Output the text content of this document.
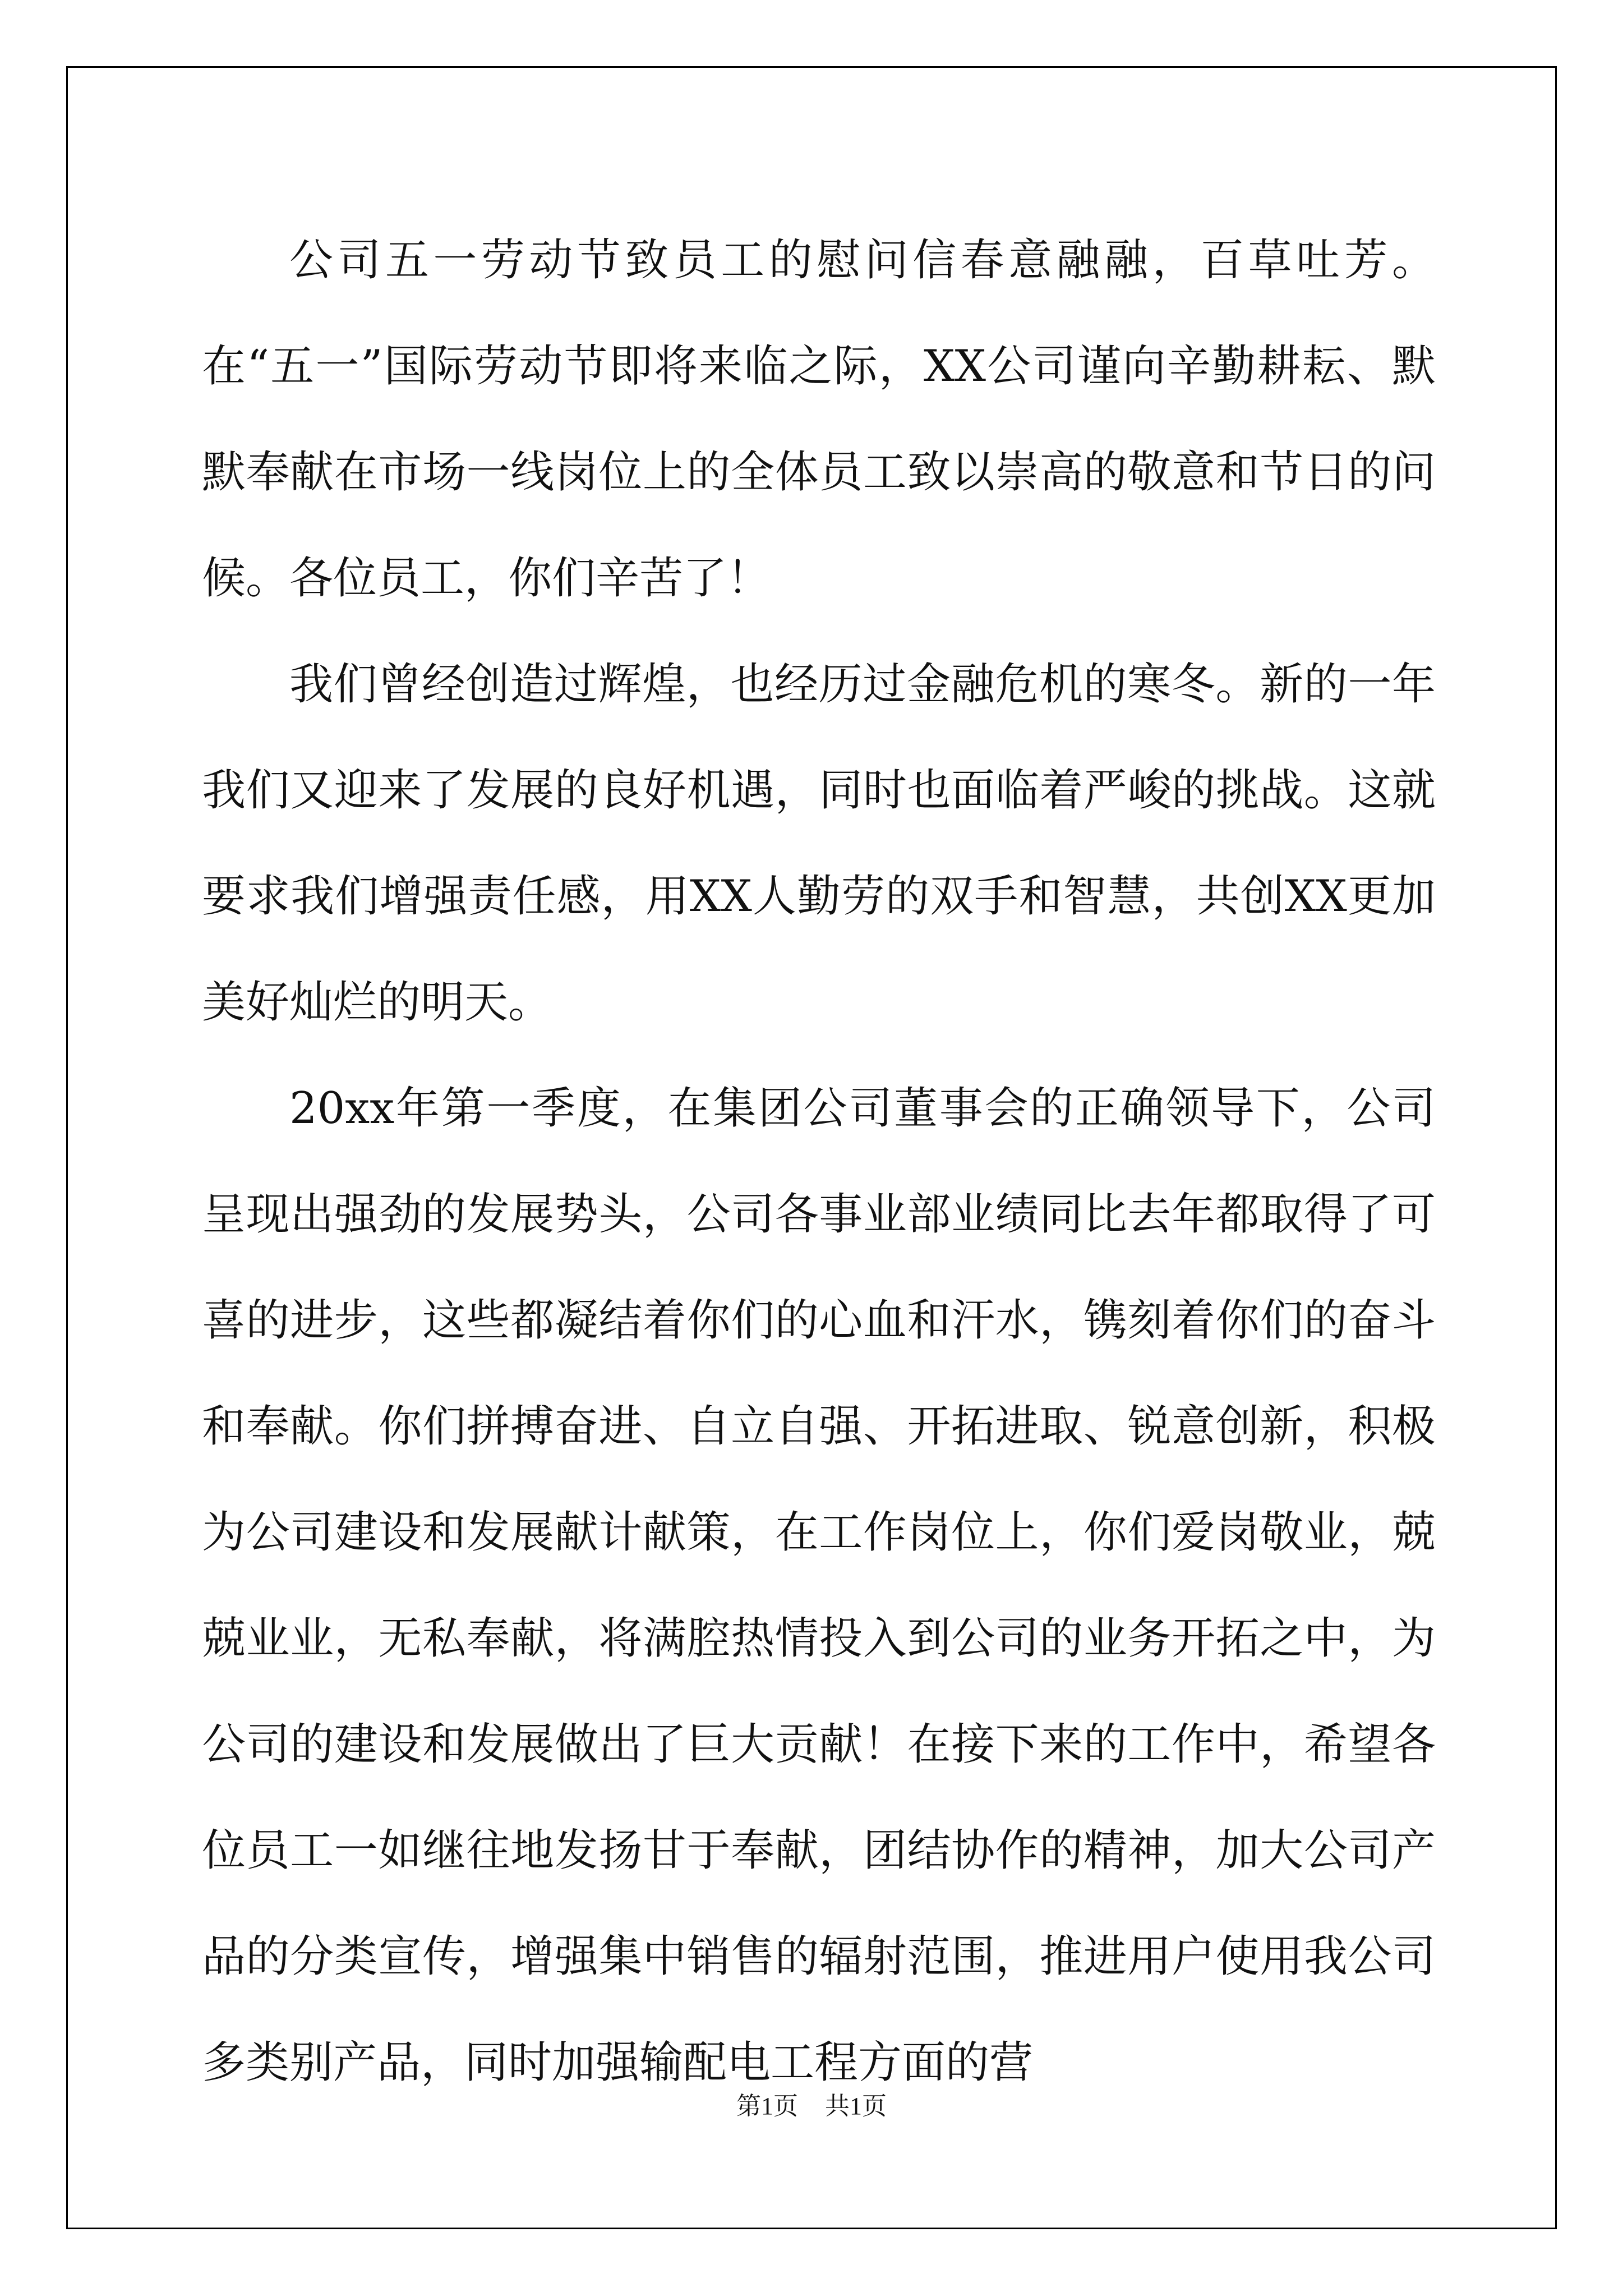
公司五一劳动节致员工的慰问信春意融融，百草吐芳。在“五一”国际劳动节即将来临之际，XX公司谨向辛勤耕耘、默默奉献在市场一线岗位上的全体员工致以崇高的敬意和节日的问候。各位员工，你们辛苦了！

我们曾经创造过辉煌，也经历过金融危机的寒冬。新的一年我们又迎来了发展的良好机遇，同时也面临着严峻的挑战。这就要求我们增强责任感，用XX人勤劳的双手和智慧，共创XX更加美好灿烂的明天。

20xx年第一季度，在集团公司董事会的正确领导下，公司呈现出强劲的发展势头，公司各事业部业绩同比去年都取得了可喜的进步，这些都凝结着你们的心血和汗水，镌刻着你们的奋斗和奉献。你们拼搏奋进、自立自强、开拓进取、锐意创新，积极为公司建设和发展献计献策，在工作岗位上，你们爱岗敬业，兢兢业业，无私奉献，将满腔热情投入到公司的业务开拓之中，为公司的建设和发展做出了巨大贡献！在接下来的工作中，希望各位员工一如继往地发扬甘于奉献，团结协作的精神，加大公司产品的分类宣传，增强集中销售的辐射范围，推进用户使用我公司多类别产品，同时加强输配电工程方面的营

第1页 共1页
